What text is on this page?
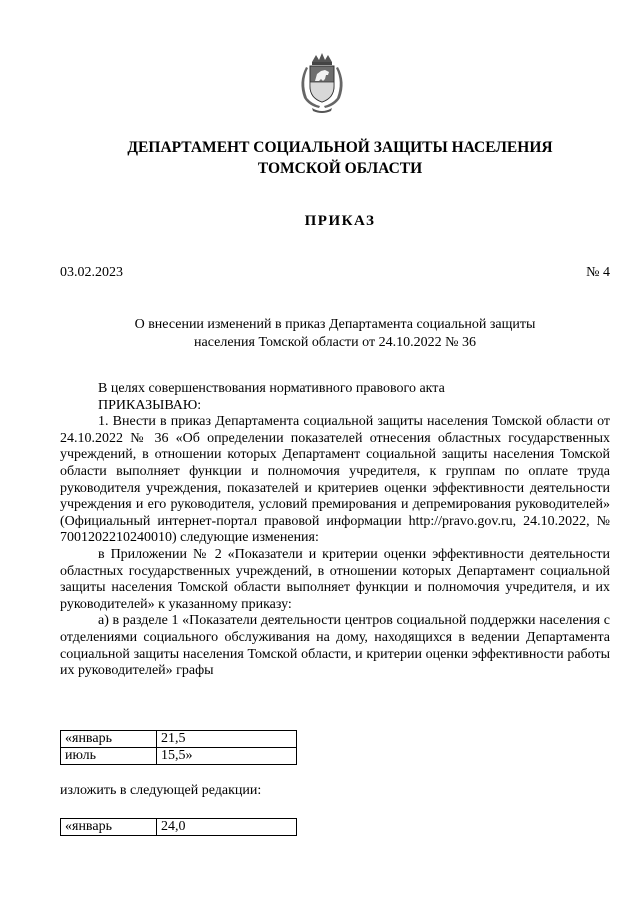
ДЕПАРТАМЕНТ СОЦИАЛЬНОЙ ЗАЩИТЫ НАСЕЛЕНИЯ
ТОМСКОЙ ОБЛАСТИ
ПРИКАЗ
03.02.2023	№ 4
О внесении изменений в приказ Департамента социальной защиты
населения Томской области от 24.10.2022 № 36

В целях совершенствования нормативного правового акта

ПРИКАЗЫВАЮ:

1. Внести в приказ Департамента социальной защиты населения Томской области от 24.10.2022 № 36 «Об определении показателей отнесения областных государственных учреждений, в отношении которых Департамент социальной защиты населения Томской области выполняет функции и полномочия учредителя, к группам по оплате труда руководителя учреждения, показателей и критериев оценки эффективности деятельности учреждения и его руководителя, условий премирования и депремирования руководителей» (Официальный интернет-портал правовой информации http://pravo.gov.ru, 24.10.2022, № 7001202210240010) следующие изменения:

в Приложении № 2 «Показатели и критерии оценки эффективности деятельности областных государственных учреждений, в отношении которых Департамент социальной защиты населения Томской области выполняет функции и полномочия учредителя, и их руководителей» к указанному приказу:

а) в разделе 1 «Показатели деятельности центров социальной поддержки населения с отделениями социального обслуживания на дому, находящихся в ведении Департамента социальной защиты населения Томской области, и критерии оценки эффективности работы их руководителей» графы

«январь	21,5
июль	15,5»
изложить в следующей редакции:
«январь	24,0
